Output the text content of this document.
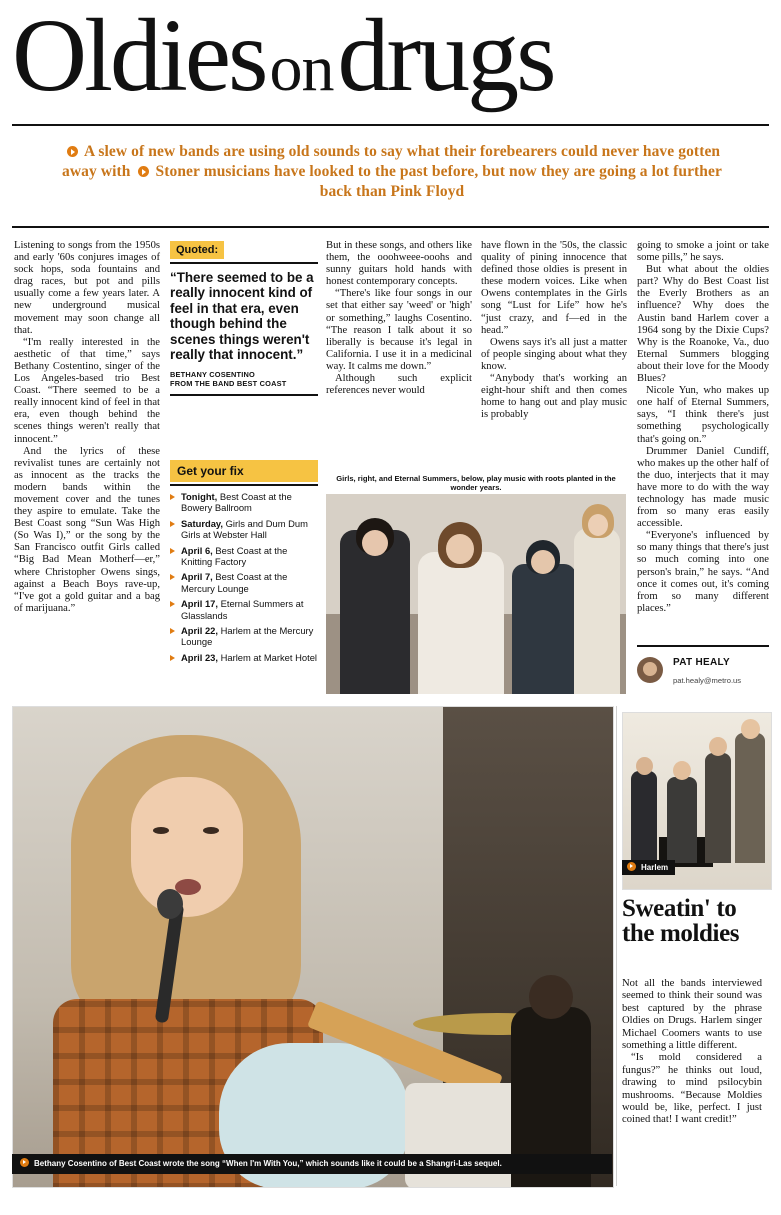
Oldies on drugs
A slew of new bands are using old sounds to say what their forebearers could never have gotten away with Stoner musicians have looked to the past before, but now they are going a lot further back than Pink Floyd

Listening to songs from the 1950s and early '60s conjures images of sock hops, soda fountains and drag races, but pot and pills usually come a few years later. A new underground musical movement may soon change all that.

“I'm really interested in the aesthetic of that time,” says Bethany Costentino, singer of the Los Angeles-based trio Best Coast. “There seemed to be a really innocent kind of feel in that era, even though behind the scenes things weren't really that innocent.”

And the lyrics of these revivalist tunes are certainly not as innocent as the tracks the modern bands within the movement cover and the tunes they aspire to emulate. Take the Best Coast song “Sun Was High (So Was I),” or the song by the San Francisco outfit Girls called “Big Bad Mean Motherf—er,” where Christopher Owens sings, against a Beach Boys rave-up, “I've got a gold guitar and a bag of marijuana.”

Quoted:
“There seemed to be a really innocent kind of feel in that era, even though behind the scenes things weren't really that innocent.”
BETHANY COSENTINO
FROM THE BAND BEST COAST
Get your fix
Tonight, Best Coast at the Bowery Ballroom
Saturday, Girls and Dum Dum Girls at Webster Hall
April 6, Best Coast at the Knitting Factory
April 7, Best Coast at the Mercury Lounge
April 17, Eternal Summers at Glasslands
April 22, Harlem at the Mercury Lounge
April 23, Harlem at Market Hotel

But in these songs, and others like them, the ooohweee-ooohs and sunny guitars hold hands with honest contemporary concepts.

“There's like four songs in our set that either say 'weed' or 'high' or something,” laughs Cosentino. “The reason I talk about it so liberally is because it's legal in California. I use it in a medicinal way. It calms me down.”

Although such explicit references never would

have flown in the '50s, the classic quality of pining innocence that defined those oldies is present in these modern voices. Like when Owens contemplates in the Girls song “Lust for Life” how he's “just crazy, and f—ed in the head.”

Owens says it's all just a matter of people singing about what they know.

“Anybody that's working an eight-hour shift and then comes home to hang out and play music is probably

going to smoke a joint or take some pills,” he says.

But what about the oldies part? Why do Best Coast list the Everly Brothers as an influence? Why does the Austin band Harlem cover a 1964 song by the Dixie Cups? Why is the Roanoke, Va., duo Eternal Summers blogging about their love for the Moody Blues?

Nicole Yun, who makes up one half of Eternal Summers, says, “I think there's just something psychologically that's going on.”

Drummer Daniel Cundiff, who makes up the other half of the duo, interjects that it may have more to do with the way technology has made music from so many eras easily accessible.

“Everyone's influenced by so many things that there's just so much coming into one person's brain,” he says. “And once it comes out, it's coming from so many different places.”

Girls, right, and Eternal Summers, below, play music with roots planted in the wonder years.
PAT HEALY
pat.healy@metro.us
Bethany Cosentino of Best Coast wrote the song “When I'm With You,” which sounds like it could be a Shangri-Las sequel.
Harlem
Sweatin' to the moldies

Not all the bands interviewed seemed to think their sound was best captured by the phrase Oldies on Drugs. Harlem singer Michael Coomers wants to use something a little different.

“Is mold considered a fungus?” he thinks out loud, drawing to mind psilocybin mushrooms. “Because Moldies would be, like, perfect. I just coined that! I want credit!”
